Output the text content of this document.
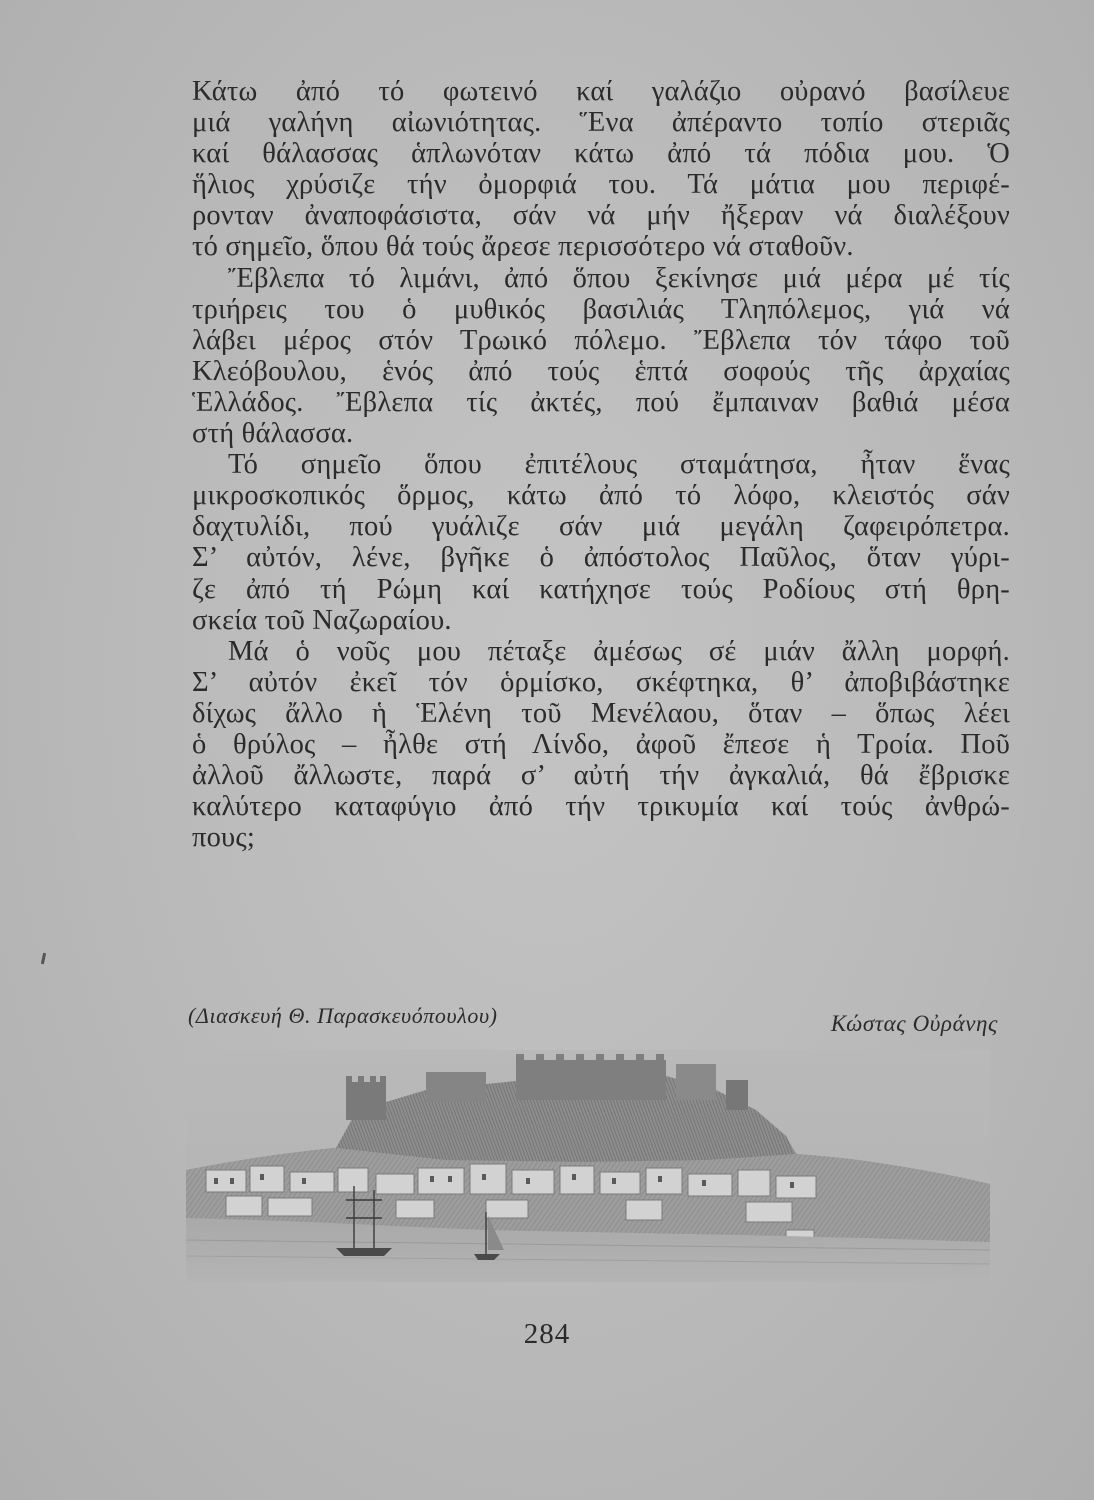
Κάτω ἀπό τό φωτεινό καί γαλάζιο οὐρανό βασίλευε
μιά γαλήνη αἰωνιότητας. Ἕνα ἀπέραντο τοπίο στεριᾶς
καί θάλασσας ἁπλωνόταν κάτω ἀπό τά πόδια μου. Ὁ
ἥλιος χρύσιζε τήν ὀμορφιά του. Τά μάτια μου περιφέ-
ρονταν ἀναποφάσιστα, σάν νά μήν ἤξεραν νά διαλέξουν
τό σημεῖο, ὅπου θά τούς ἄρεσε περισσότερο νά σταθοῦν.

Ἔβλεπα τό λιμάνι, ἀπό ὅπου ξεκίνησε μιά μέρα μέ τίς
τριήρεις του ὁ μυθικός βασιλιάς Τληπόλεμος, γιά νά
λάβει μέρος στόν Τρωικό πόλεμο. Ἔβλεπα τόν τάφο τοῦ
Κλεόβουλου, ἑνός ἀπό τούς ἑπτά σοφούς τῆς ἀρχαίας
Ἑλλάδος. Ἔβλεπα τίς ἀκτές, πού ἔμπαιναν βαθιά μέσα
στή θάλασσα.

Τό σημεῖο ὅπου ἐπιτέλους σταμάτησα, ἦταν ἕνας
μικροσκοπικός ὅρμος, κάτω ἀπό τό λόφο, κλειστός σάν
δαχτυλίδι, πού γυάλιζε σάν μιά μεγάλη ζαφειρόπετρα.
Σ’ αὐτόν, λένε, βγῆκε ὁ ἀπόστολος Παῦλος, ὅταν γύρι-
ζε ἀπό τή Ρώμη καί κατήχησε τούς Ροδίους στή θρη-
σκεία τοῦ Ναζωραίου.

Μά ὁ νοῦς μου πέταξε ἀμέσως σέ μιάν ἄλλη μορφή.
Σ’ αὐτόν ἐκεῖ τόν ὁρμίσκο, σκέφτηκα, θ’ ἀποβιβάστηκε
δίχως ἄλλο ἡ Ἑλένη τοῦ Μενέλαου, ὅταν – ὅπως λέει
ὁ θρύλος – ἦλθε στή Λίνδο, ἀφοῦ ἔπεσε ἡ Τροία. Ποῦ
ἀλλοῦ ἄλλωστε, παρά σ’ αὐτή τήν ἀγκαλιά, θά ἔβρισκε
καλύτερο καταφύγιο ἀπό τήν τρικυμία καί τούς ἀνθρώ-
πους;

(Διασκευή Θ. Παρασκευόπουλου)	Κώστας Οὐράνης
284
